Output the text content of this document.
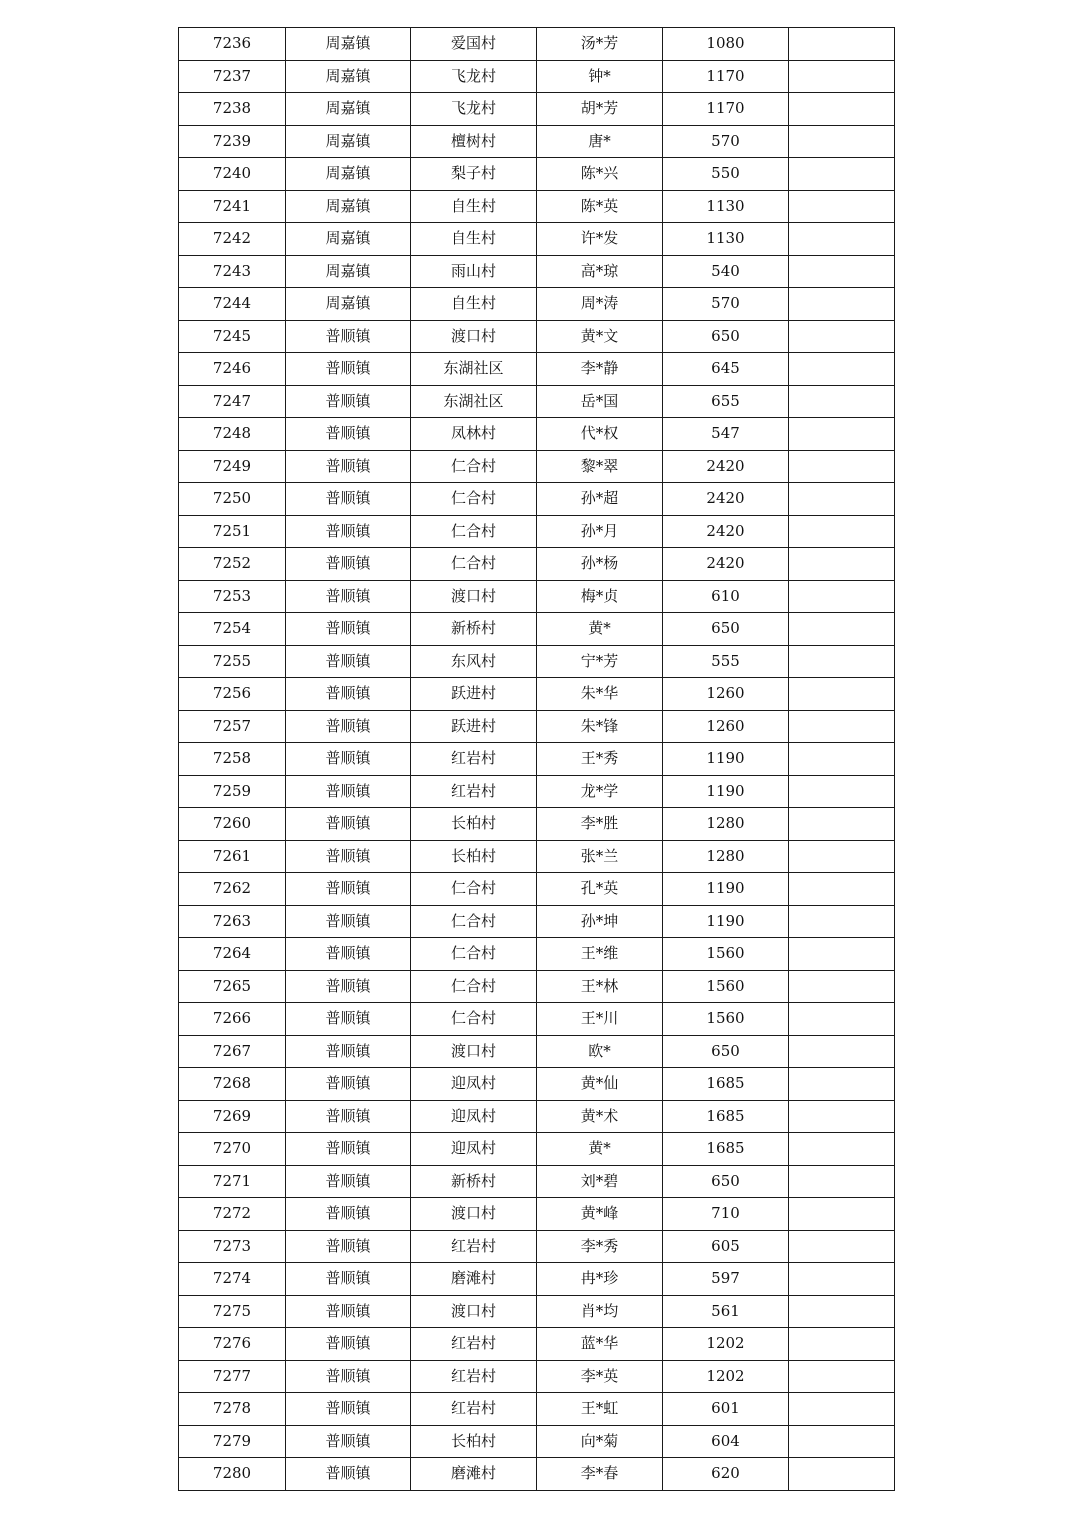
7236	周嘉镇	爱国村	汤*芳	1080	
7237	周嘉镇	飞龙村	钟*	1170	
7238	周嘉镇	飞龙村	胡*芳	1170	
7239	周嘉镇	檀树村	唐*	570	
7240	周嘉镇	梨子村	陈*兴	550	
7241	周嘉镇	自生村	陈*英	1130	
7242	周嘉镇	自生村	许*发	1130	
7243	周嘉镇	雨山村	高*琼	540	
7244	周嘉镇	自生村	周*涛	570	
7245	普顺镇	渡口村	黄*文	650	
7246	普顺镇	东湖社区	李*静	645	
7247	普顺镇	东湖社区	岳*国	655	
7248	普顺镇	凤林村	代*权	547	
7249	普顺镇	仁合村	黎*翠	2420	
7250	普顺镇	仁合村	孙*超	2420	
7251	普顺镇	仁合村	孙*月	2420	
7252	普顺镇	仁合村	孙*杨	2420	
7253	普顺镇	渡口村	梅*贞	610	
7254	普顺镇	新桥村	黄*	650	
7255	普顺镇	东风村	宁*芳	555	
7256	普顺镇	跃进村	朱*华	1260	
7257	普顺镇	跃进村	朱*锋	1260	
7258	普顺镇	红岩村	王*秀	1190	
7259	普顺镇	红岩村	龙*学	1190	
7260	普顺镇	长柏村	李*胜	1280	
7261	普顺镇	长柏村	张*兰	1280	
7262	普顺镇	仁合村	孔*英	1190	
7263	普顺镇	仁合村	孙*坤	1190	
7264	普顺镇	仁合村	王*维	1560	
7265	普顺镇	仁合村	王*林	1560	
7266	普顺镇	仁合村	王*川	1560	
7267	普顺镇	渡口村	欧*	650	
7268	普顺镇	迎凤村	黄*仙	1685	
7269	普顺镇	迎凤村	黄*术	1685	
7270	普顺镇	迎凤村	黄*	1685	
7271	普顺镇	新桥村	刘*碧	650	
7272	普顺镇	渡口村	黄*峰	710	
7273	普顺镇	红岩村	李*秀	605	
7274	普顺镇	磨滩村	冉*珍	597	
7275	普顺镇	渡口村	肖*均	561	
7276	普顺镇	红岩村	蓝*华	1202	
7277	普顺镇	红岩村	李*英	1202	
7278	普顺镇	红岩村	王*虹	601	
7279	普顺镇	长柏村	向*菊	604	
7280	普顺镇	磨滩村	李*春	620	
